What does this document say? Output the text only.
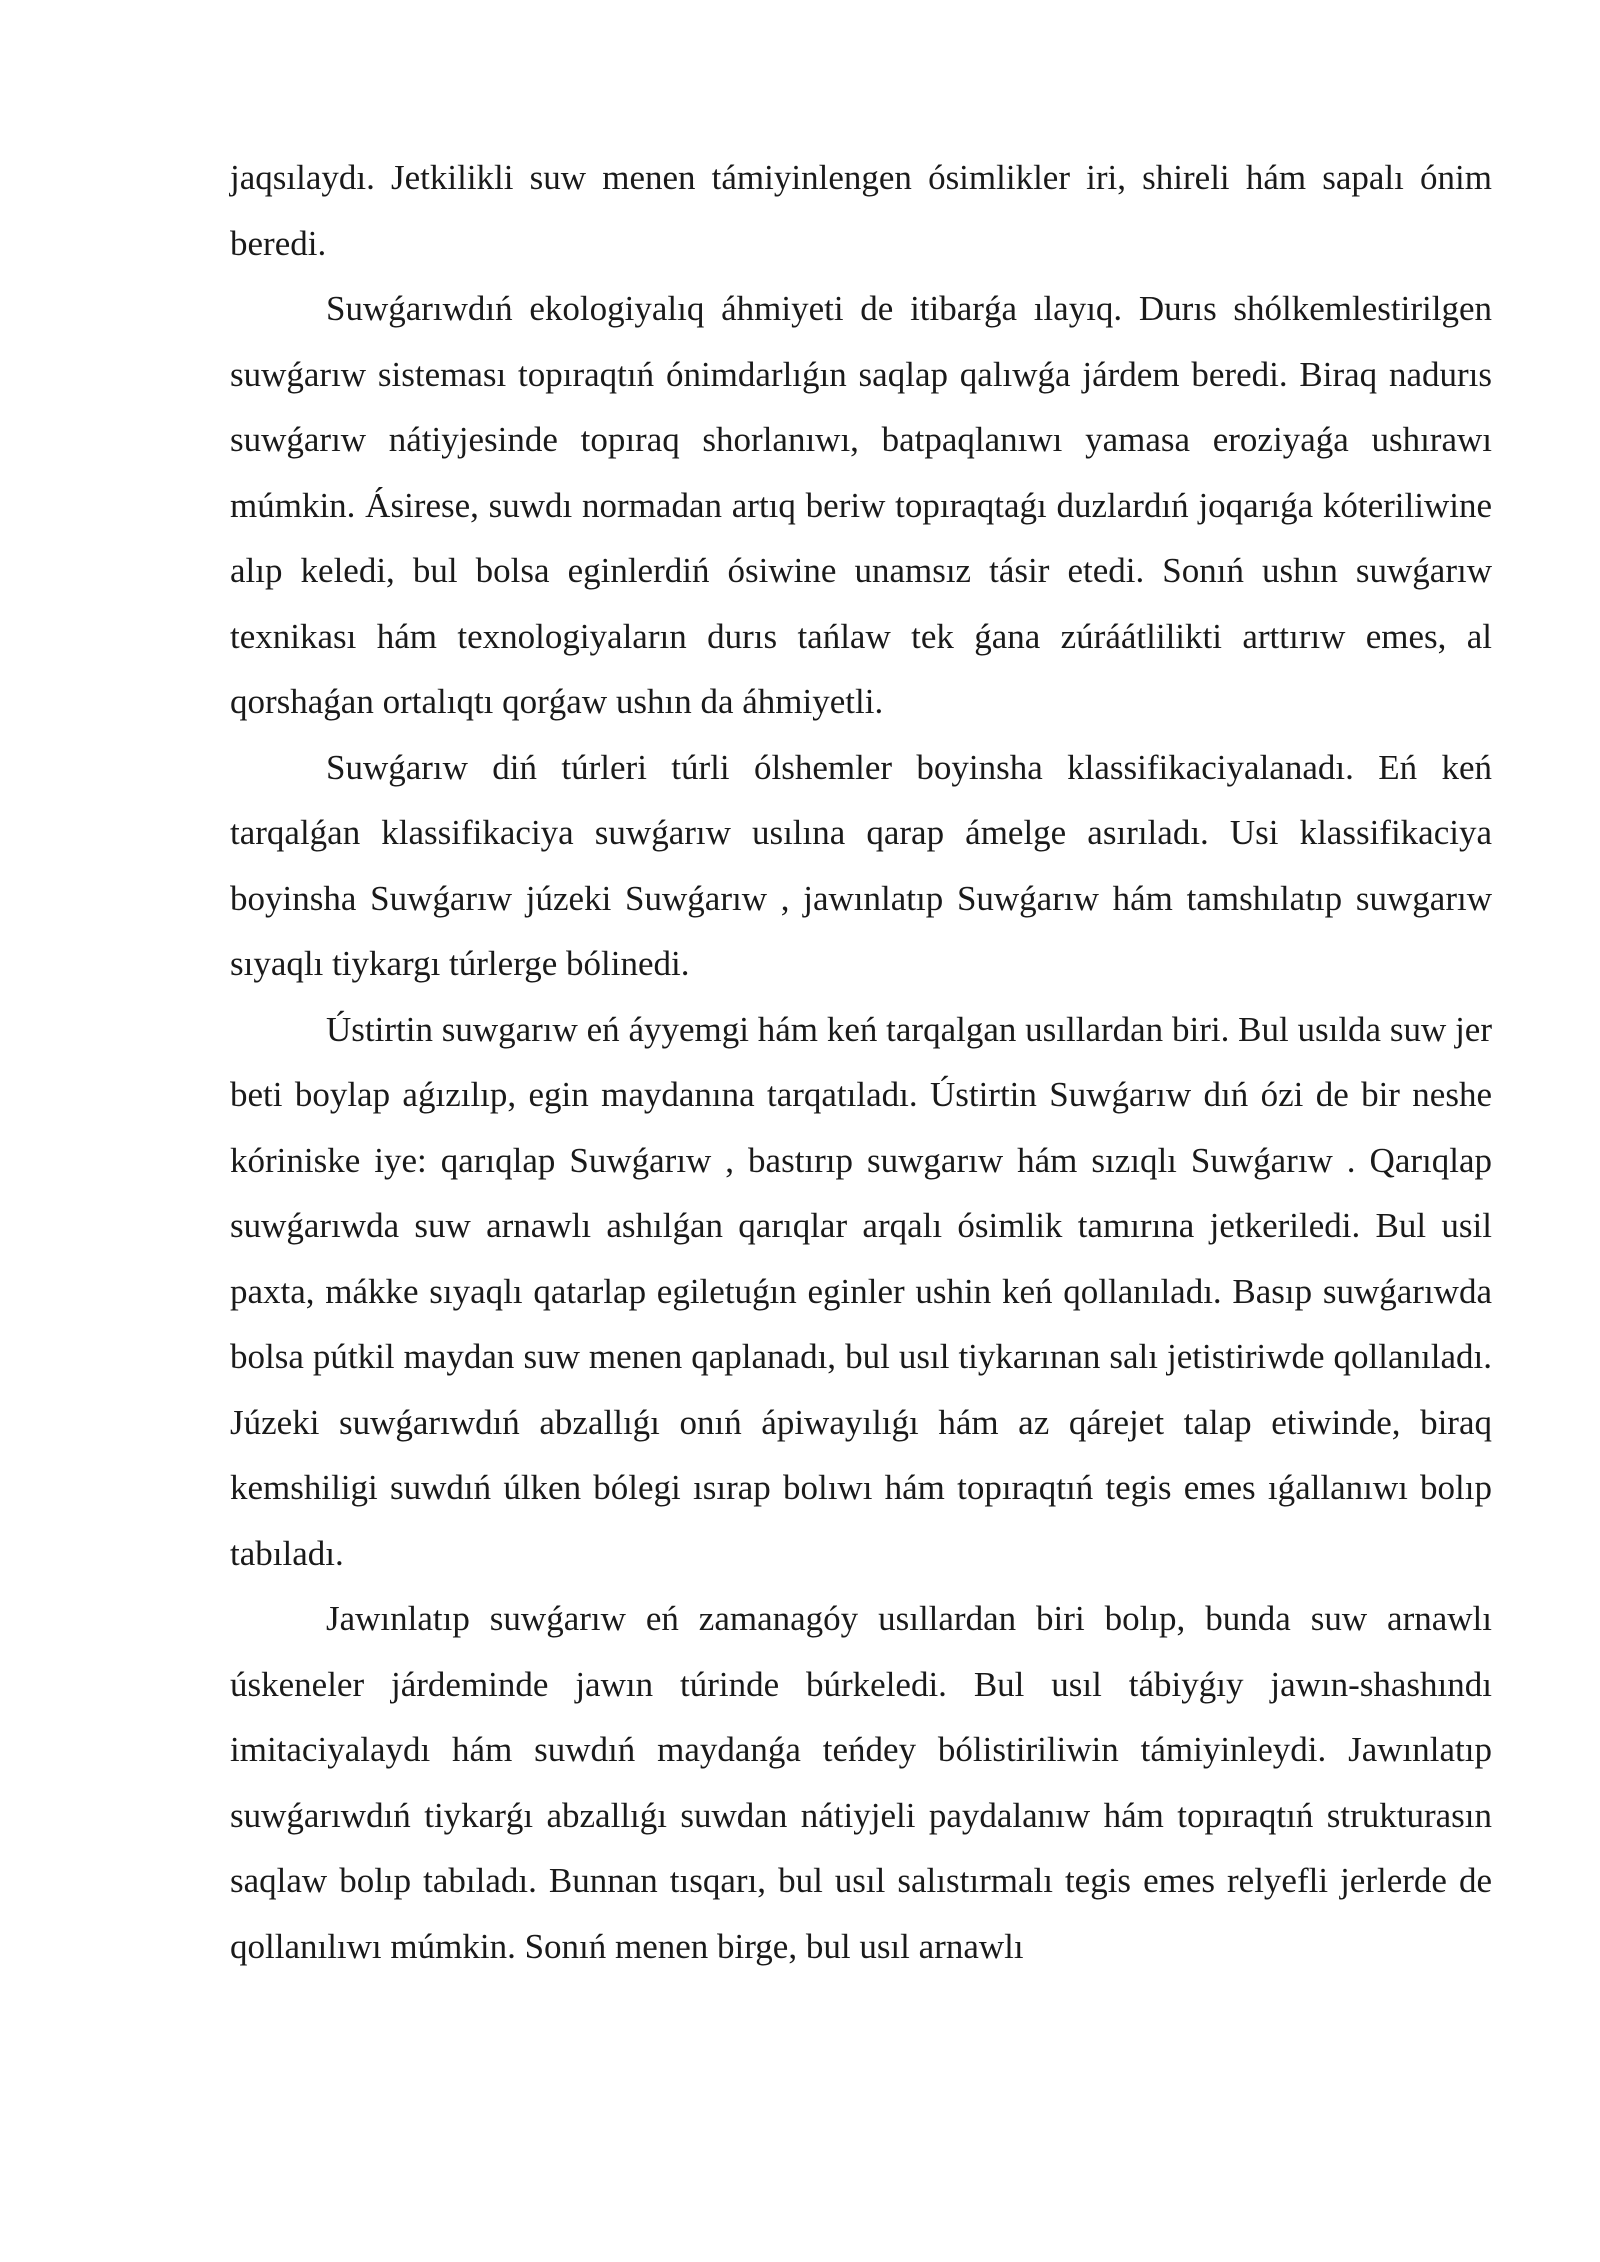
jaqsılaydı. Jetkilikli suw menen támiyinlengen ósimlikler iri, shireli hám sapalı ónim beredi.

Suwǵarıwdıń ekologiyalıq áhmiyeti de itibarǵa ılayıq. Durıs shólkemlestirilgen suwǵarıw sisteması topıraqtıń ónimdarlıǵın saqlap qalıwǵa járdem beredi. Biraq nadurıs suwǵarıw nátiyjesinde topıraq shorlanıwı, batpaqlanıwı yamasa eroziyaǵa ushırawı múmkin. Ásirese, suwdı normadan artıq beriw topıraqtaǵı duzlardıń joqarıǵa kóteriliwine alıp keledi, bul bolsa eginlerdiń ósiwine unamsız tásir etedi. Sonıń ushın suwǵarıw texnikası hám texnologiyaların durıs tańlaw tek ǵana zúráátlilikti arttırıw emes, al qorshaǵan ortalıqtı qorǵaw ushın da áhmiyetli.

Suwǵarıw diń túrleri túrli ólshemler boyinsha klassifikaciyalanadı. Eń keń tarqalǵan klassifikaciya suwǵarıw usılına qarap ámelge asırıladı. Usi klassifikaciya boyinsha Suwǵarıw júzeki Suwǵarıw , jawınlatıp Suwǵarıw hám tamshılatıp suwgarıw sıyaqlı tiykargı túrlerge bólinedi.

Ústirtin suwgarıw eń áyyemgi hám keń tarqalgan usıllardan biri. Bul usılda suw jer beti boylap aǵızılıp, egin maydanına tarqatıladı. Ústirtin Suwǵarıw dıń ózi de bir neshe kóriniske iye: qarıqlap Suwǵarıw , bastırıp suwgarıw hám sızıqlı Suwǵarıw . Qarıqlap suwǵarıwda suw arnawlı ashılǵan qarıqlar arqalı ósimlik tamırına jetkeriledi. Bul usil paxta, mákke sıyaqlı qatarlap egiletuǵın eginler ushin keń qollanıladı. Basıp suwǵarıwda bolsa pútkil maydan suw menen qaplanadı, bul usıl tiykarınan salı jetistiriwde qollanıladı. Júzeki suwǵarıwdıń abzallıǵı onıń ápiwayılıǵı hám az qárejet talap etiwinde, biraq kemshiligi suwdıń úlken bólegi ısırap bolıwı hám topıraqtıń tegis emes ıǵallanıwı bolıp tabıladı.

Jawınlatıp suwǵarıw eń zamanagóy usıllardan biri bolıp, bunda suw arnawlı úskeneler járdeminde jawın túrinde búrkeledi. Bul usıl tábiyǵıy jawın-shashındı imitaciyalaydı hám suwdıń maydanǵa teńdey bólistiriliwin támiyinleydi. Jawınlatıp suwǵarıwdıń tiykarǵı abzallıǵı suwdan nátiyjeli paydalanıw hám topıraqtıń strukturasın saqlaw bolıp tabıladı. Bunnan tısqarı, bul usıl salıstırmalı tegis emes relyefli jerlerde de qollanılıwı múmkin. Sonıń menen birge, bul usıl arnawlı
